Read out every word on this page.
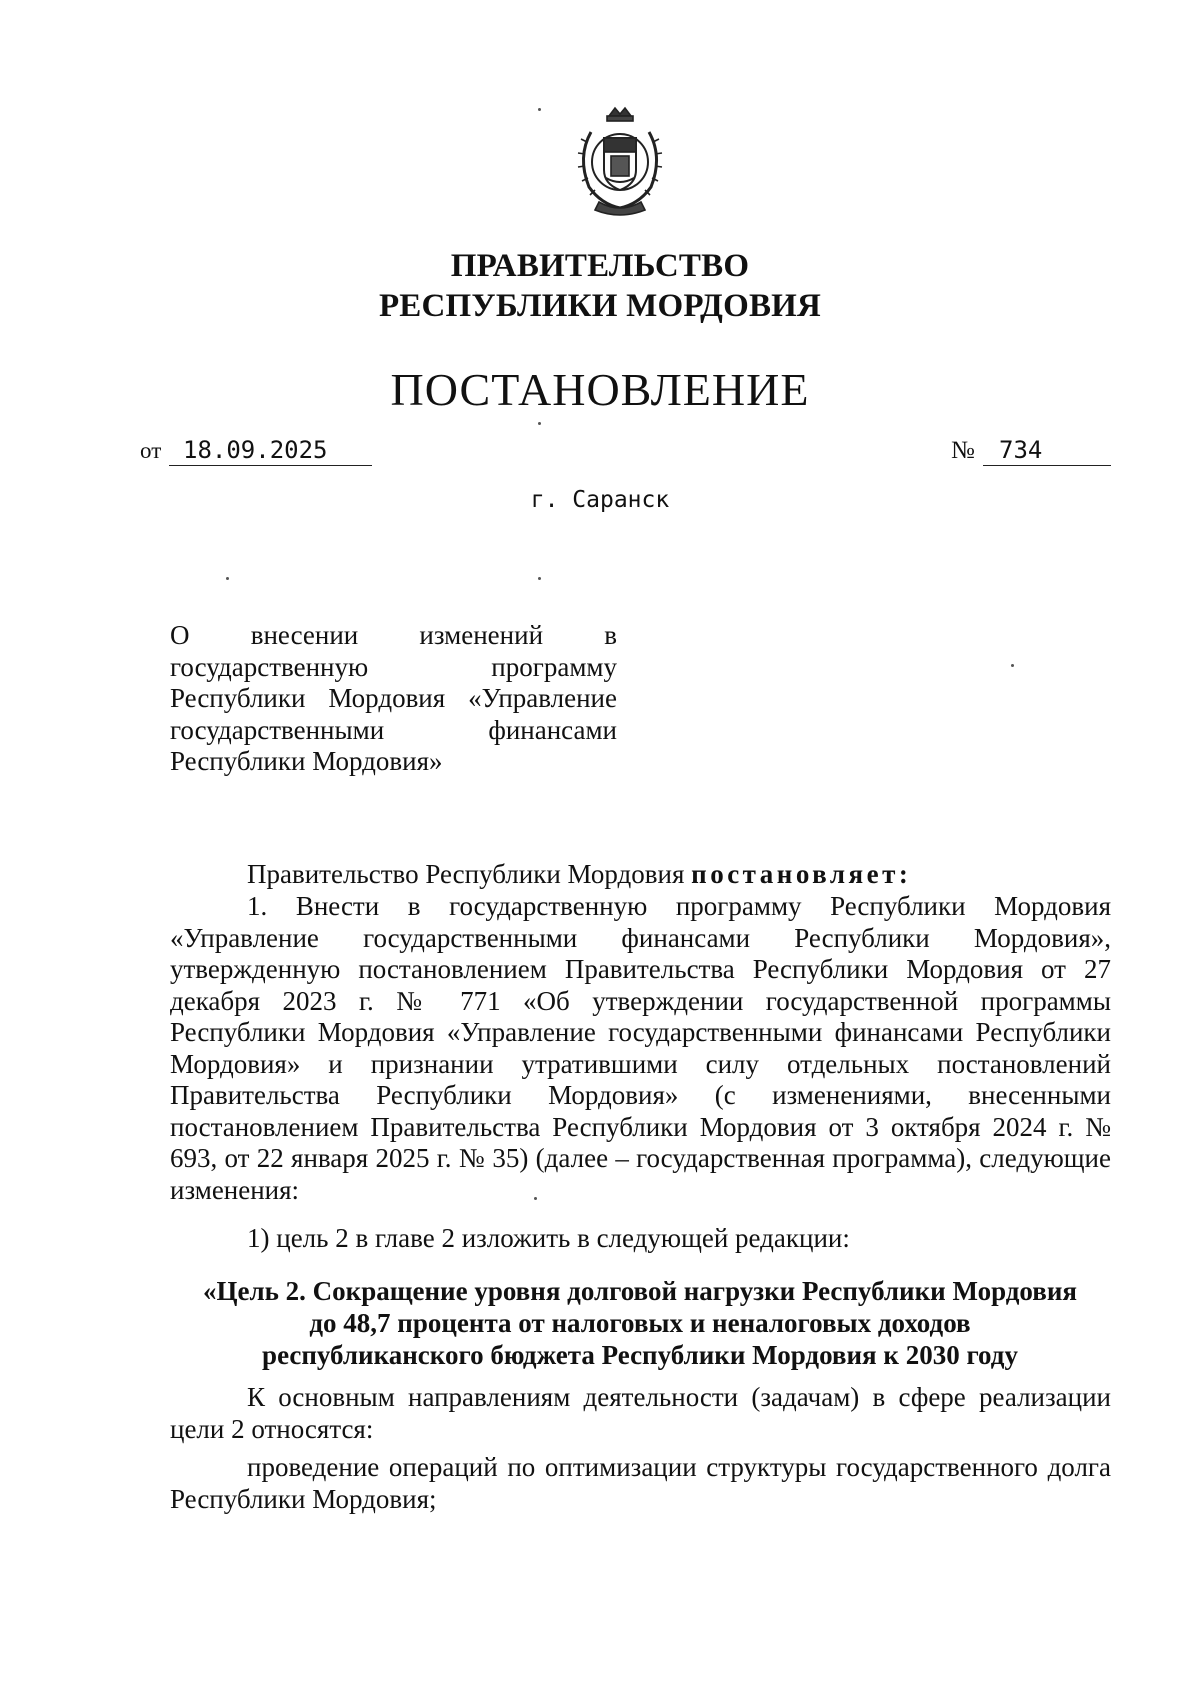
ПРАВИТЕЛЬСТВО
РЕСПУБЛИКИ МОРДОВИЯ
ПОСТАНОВЛЕНИЕ
от 18.09.2025	№ 734
г. Саранск
О внесении изменений в
государственную программу
Республики Мордовия «Управление
государственными финансами
Республики Мордовия»
Правительство Республики Мордовия постановляет:

1. Внести в государственную программу Республики Мордовия «Управление государственными финансами Республики Мордовия», утвержденную постановлением Правительства Республики Мордовия от 27 декабря 2023 г. № 771 «Об утверждении государственной программы Республики Мордовия «Управление государственными финансами Республики Мордовия» и признании утратившими силу отдельных постановлений Правительства Республики Мордовия» (с изменениями, внесенными постановлением Правительства Республики Мордовия от 3 октября 2024 г. № 693, от 22 января 2025 г. № 35) (далее – государственная программа), следующие изменения:

1) цель 2 в главе 2 изложить в следующей редакции:

«Цель 2. Сокращение уровня долговой нагрузки Республики Мордовия до 48,7 процента от налоговых и неналоговых доходов республиканского бюджета Республики Мордовия к 2030 году

К основным направлениям деятельности (задачам) в сфере реализации цели 2 относятся:

проведение операций по оптимизации структуры государственного долга Республики Мордовия;
